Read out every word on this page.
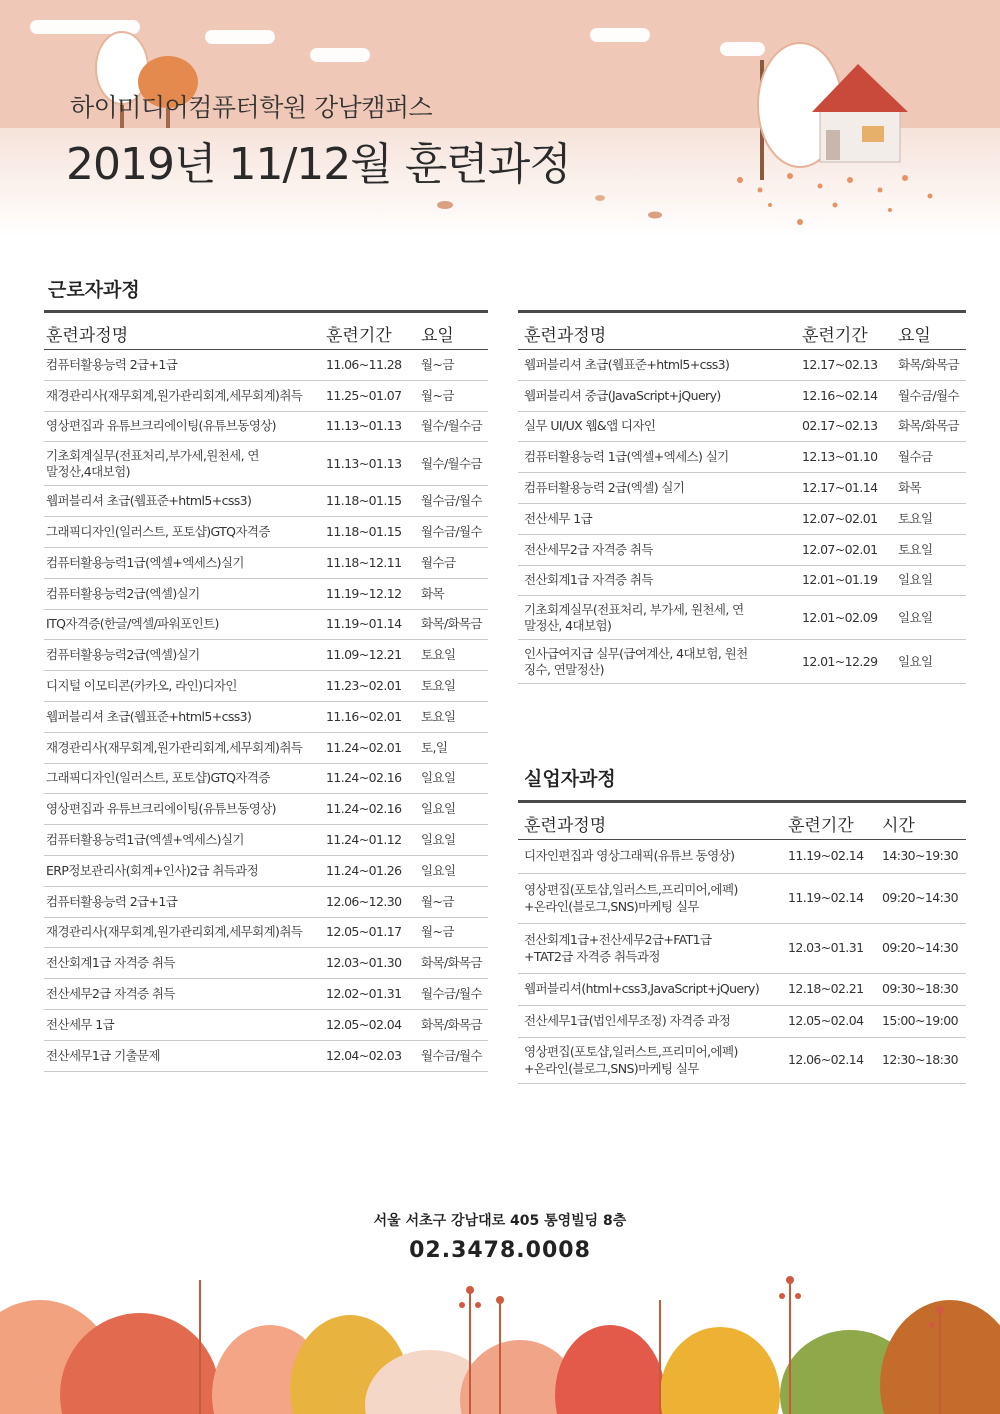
하이미디어컴퓨터학원 강남캠퍼스
2019년 11/12월 훈련과정
근로자과정
실업자과정
훈련과정명	훈련기간	요일
컴퓨터활용능력 2급+1급	11.06~11.28	월~금
재경관리사(재무회계,원가관리회계,세무회계)취득	11.25~01.07	월~금
영상편집과 유튜브크리에이팅(유튜브동영상)	11.13~01.13	월수/월수금
기초회계실무(전표처리,부가세,원천세, 연말정산,4대보험)	11.13~01.13	월수/월수금
웹퍼블리셔 초급(웹표준+html5+css3)	11.18~01.15	월수금/월수
그래픽디자인(일러스트, 포토샵)GTQ자격증	11.18~01.15	월수금/월수
컴퓨터활용능력1급(엑셀+엑세스)실기	11.18~12.11	월수금
컴퓨터활용능력2급(엑셀)실기	11.19~12.12	화목
ITQ자격증(한글/엑셀/파워포인트)	11.19~01.14	화목/화목금
컴퓨터활용능력2급(엑셀)실기	11.09~12.21	토요일
디지털 이모티콘(카카오, 라인)디자인	11.23~02.01	토요일
웹퍼블리셔 초급(웹표준+html5+css3)	11.16~02.01	토요일
재경관리사(재무회계,원가관리회계,세무회계)취득	11.24~02.01	토,일
그래픽디자인(일러스트, 포토샵)GTQ자격증	11.24~02.16	일요일
영상편집과 유튜브크리에이팅(유튜브동영상)	11.24~02.16	일요일
컴퓨터활용능력1급(엑셀+엑세스)실기	11.24~01.12	일요일
ERP정보관리사(회계+인사)2급 취득과정	11.24~01.26	일요일
컴퓨터활용능력 2급+1급	12.06~12.30	월~금
재경관리사(재무회계,원가관리회계,세무회계)취득	12.05~01.17	월~금
전산회계1급 자격증 취득	12.03~01.30	화목/화목금
전산세무2급 자격증 취득	12.02~01.31	월수금/월수
전산세무 1급	12.05~02.04	화목/화목금
전산세무1급 기출문제	12.04~02.03	월수금/월수
훈련과정명	훈련기간	요일
웹퍼블리셔 초급(웹표준+html5+css3)	12.17~02.13	화목/화목금
웹퍼블리셔 중급(JavaScript+jQuery)	12.16~02.14	월수금/월수
실무 UI/UX 웹&앱 디자인	02.17~02.13	화목/화목금
컴퓨터활용능력 1급(엑셀+엑세스) 실기	12.13~01.10	월수금
컴퓨터활용능력 2급(엑셀) 실기	12.17~01.14	화목
전산세무 1급	12.07~02.01	토요일
전산세무2급 자격증 취득	12.07~02.01	토요일
전산회계1급 자격증 취득	12.01~01.19	일요일
기초회계실무(전표처리, 부가세, 원천세, 연말정산, 4대보험)	12.01~02.09	일요일
인사급여지급 실무(급여계산, 4대보험, 원천징수, 연말정산)	12.01~12.29	일요일
훈련과정명	훈련기간	시간
디자인편집과 영상그래픽(유튜브 동영상)	11.19~02.14	14:30~19:30
영상편집(포토샵,일러스트,프리미어,에펙) +온라인(블로그,SNS)마케팅 실무	11.19~02.14	09:20~14:30
전산회계1급+전산세무2급+FAT1급 +TAT2급 자격증 취득과정	12.03~01.31	09:20~14:30
웹퍼블리셔(html+css3,JavaScript+jQuery)	12.18~02.21	09:30~18:30
전산세무1급(법인세무조정) 자격증 과정	12.05~02.04	15:00~19:00
영상편집(포토샵,일러스트,프리미어,에펙) +온라인(블로그,SNS)마케팅 실무	12.06~02.14	12:30~18:30
서울 서초구 강남대로 405 통영빌딩 8층
02.3478.0008
